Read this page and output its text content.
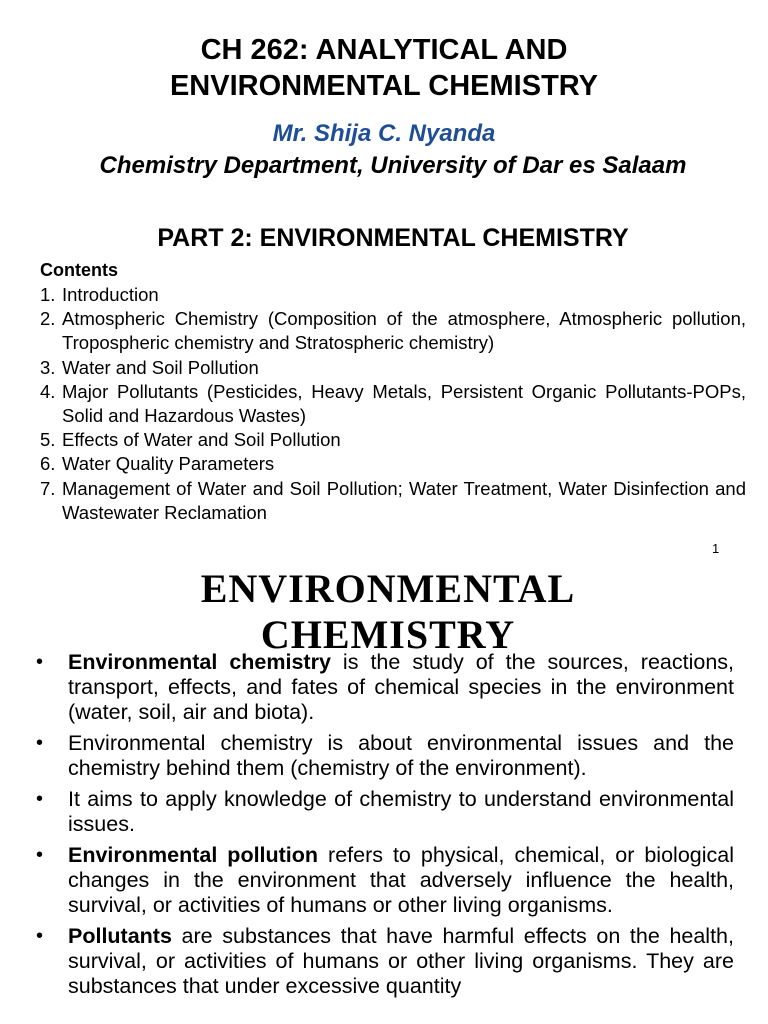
CH 262: ANALYTICAL AND
ENVIRONMENTAL CHEMISTRY
Mr. Shija C. Nyanda
Chemistry Department, University of Dar es Salaam
PART 2: ENVIRONMENTAL CHEMISTRY
Contents
1. Introduction
2. Atmospheric Chemistry (Composition of the atmosphere, Atmospheric pollution, Tropospheric chemistry and Stratospheric chemistry)
3. Water and Soil Pollution
4. Major Pollutants (Pesticides, Heavy Metals, Persistent Organic Pollutants-POPs, Solid and Hazardous Wastes)
5. Effects of Water and Soil Pollution
6. Water Quality Parameters
7. Management of Water and Soil Pollution; Water Treatment, Water Disinfection and Wastewater Reclamation
1
ENVIRONMENTAL
CHEMISTRY
•	Environmental chemistry is the study of the sources, reactions, transport, effects, and fates of chemical species in the environment (water, soil, air and biota).
•	Environmental chemistry is about environmental issues and the chemistry behind them (chemistry of the environment).
•	It aims to apply knowledge of chemistry to understand environmental issues.
•	Environmental pollution refers to physical, chemical, or biological changes in the environment that adversely influence the health, survival, or activities of humans or other living organisms.
•	Pollutants are substances that have harmful effects on the health, survival, or activities of humans or other living organisms. They are substances that under excessive quantity
